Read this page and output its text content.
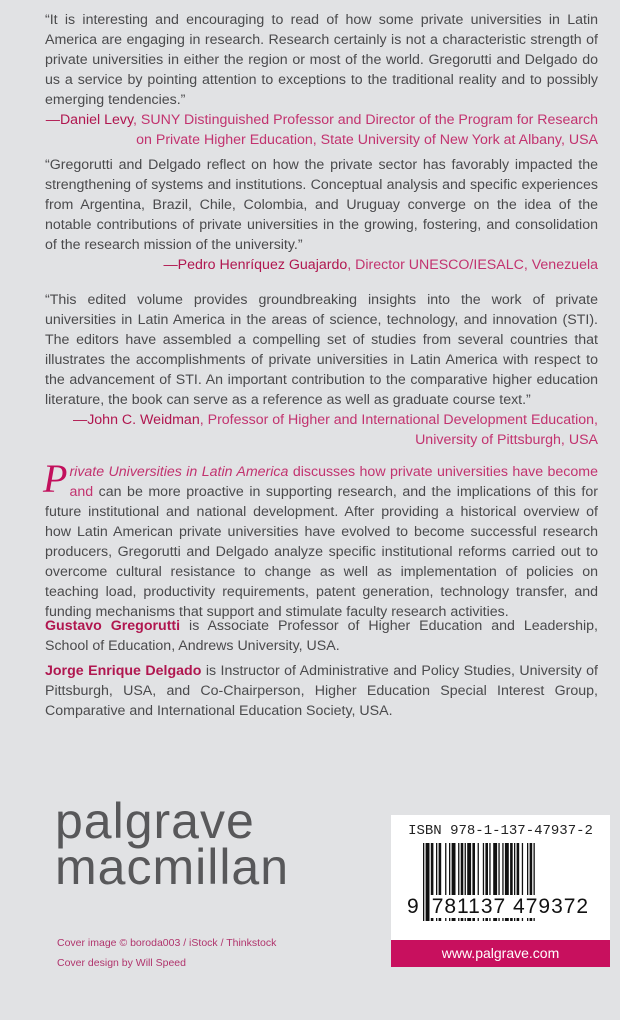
“It is interesting and encouraging to read of how some private universities in Latin America are engaging in research. Research certainly is not a characteristic strength of private universities in either the region or most of the world. Gregorutti and Delgado do us a service by pointing attention to exceptions to the traditional reality and to possibly emerging tendencies.”
—Daniel Levy, SUNY Distinguished Professor and Director of the Program for Research on Private Higher Education, State University of New York at Albany, USA
“Gregorutti and Delgado reflect on how the private sector has favorably impacted the strengthening of systems and institutions. Conceptual analysis and specific experiences from Argentina, Brazil, Chile, Colombia, and Uruguay converge on the idea of the notable contributions of private universities in the growing, fostering, and consolidation of the research mission of the university.”
—Pedro Henríquez Guajardo, Director UNESCO/IESALC, Venezuela
“This edited volume provides groundbreaking insights into the work of private universities in Latin America in the areas of science, technology, and innovation (STI). The editors have assembled a compelling set of studies from several countries that illustrates the accomplishments of private universities in Latin America with respect to the advancement of STI. An important contribution to the comparative higher education literature, the book can serve as a reference as well as graduate course text.”
—John C. Weidman, Professor of Higher and International Development Education, University of Pittsburgh, USA
Private Universities in Latin America discusses how private universities have become and can be more proactive in supporting research, and the implications of this for future institutional and national development. After providing a historical overview of how Latin American private universities have evolved to become successful research producers, Gregorutti and Delgado analyze specific institutional reforms carried out to overcome cultural resistance to change as well as implementation of policies on teaching load, productivity requirements, patent generation, technology transfer, and funding mechanisms that support and stimulate faculty research activities.
Gustavo Gregorutti is Associate Professor of Higher Education and Leadership, School of Education, Andrews University, USA.
Jorge Enrique Delgado is Instructor of Administrative and Policy Studies, University of Pittsburgh, USA, and Co-Chairperson, Higher Education Special Interest Group, Comparative and International Education Society, USA.
palgrave
macmillan
Cover image © boroda003 / iStock / Thinkstock
Cover design by Will Speed
ISBN 978-1-137-47937-2
9 781137 479372
www.palgrave.com
